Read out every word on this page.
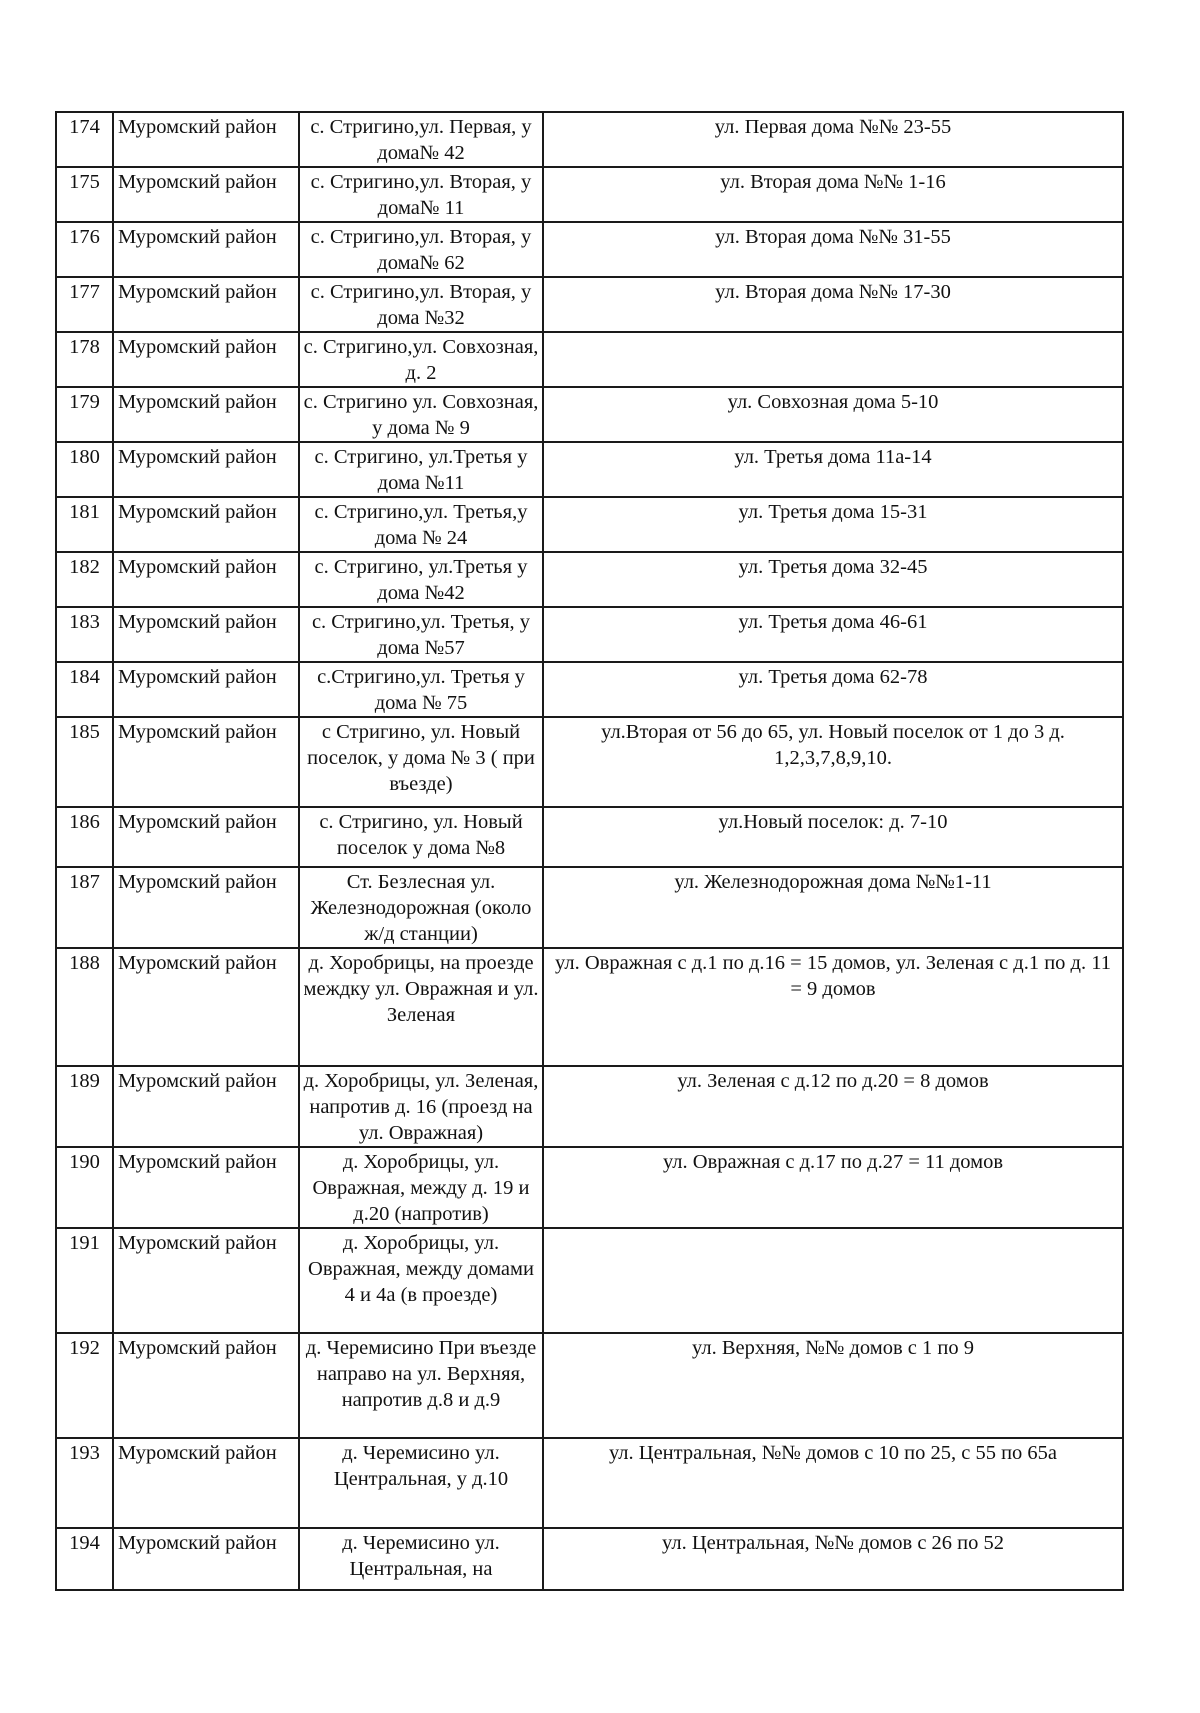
174	Муромский район	с. Стригино,ул. Первая, у дома№ 42	ул. Первая дома №№ 23-55
175	Муромский район	с. Стригино,ул. Вторая, у дома№ 11	ул. Вторая дома №№ 1-16
176	Муромский район	с. Стригино,ул. Вторая, у дома№ 62	ул. Вторая дома №№ 31-55
177	Муромский район	с. Стригино,ул. Вторая, у дома №32	ул. Вторая дома №№ 17-30
178	Муромский район	с. Стригино,ул. Совхозная, д. 2	
179	Муромский район	с. Стригино ул. Совхозная, у дома № 9	ул. Совхозная дома 5-10
180	Муромский район	с. Стригино, ул.Третья у дома №11	ул. Третья дома 11а-14
181	Муромский район	с. Стригино,ул. Третья,у дома № 24	ул. Третья дома 15-31
182	Муромский район	с. Стригино, ул.Третья у дома №42	ул. Третья дома 32-45
183	Муромский район	с. Стригино,ул. Третья, у дома №57	ул. Третья дома 46-61
184	Муромский район	с.Стригино,ул. Третья у дома № 75	ул. Третья дома 62-78
185	Муромский район	с Стригино, ул. Новый поселок, у дома № 3 ( при въезде)	ул.Вторая от 56 до 65, ул. Новый поселок от 1 до 3 д. 1,2,3,7,8,9,10.
186	Муромский район	с. Стригино, ул. Новый поселок у дома №8	ул.Новый поселок: д. 7-10
187	Муромский район	Ст. Безлесная ул. Железнодорожная (около ж/д станции)	ул. Железнодорожная дома №№1-11
188	Муромский район	д. Хоробрицы, на проезде междку ул. Овражная и ул. Зеленая	ул. Овражная с д.1 по д.16 = 15 домов, ул. Зеленая с д.1 по д. 11 = 9 домов
189	Муромский район	д. Хоробрицы, ул. Зеленая, напротив д. 16 (проезд на ул. Овражная)	ул. Зеленая с д.12 по д.20 = 8 домов
190	Муромский район	д. Хоробрицы, ул. Овражная, между д. 19 и д.20 (напротив)	ул. Овражная с д.17 по д.27 = 11 домов
191	Муромский район	д. Хоробрицы, ул. Овражная, между домами 4 и 4а (в проезде)	
192	Муромский район	д. Черемисино При въезде направо на ул. Верхняя, напротив д.8 и д.9	ул. Верхняя, №№ домов с 1 по 9
193	Муромский район	д. Черемисино ул. Центральная, у д.10	ул. Центральная, №№ домов с 10 по 25, с 55 по 65а
194	Муромский район	д. Черемисино ул. Центральная, на	ул. Центральная, №№ домов с 26 по 52
